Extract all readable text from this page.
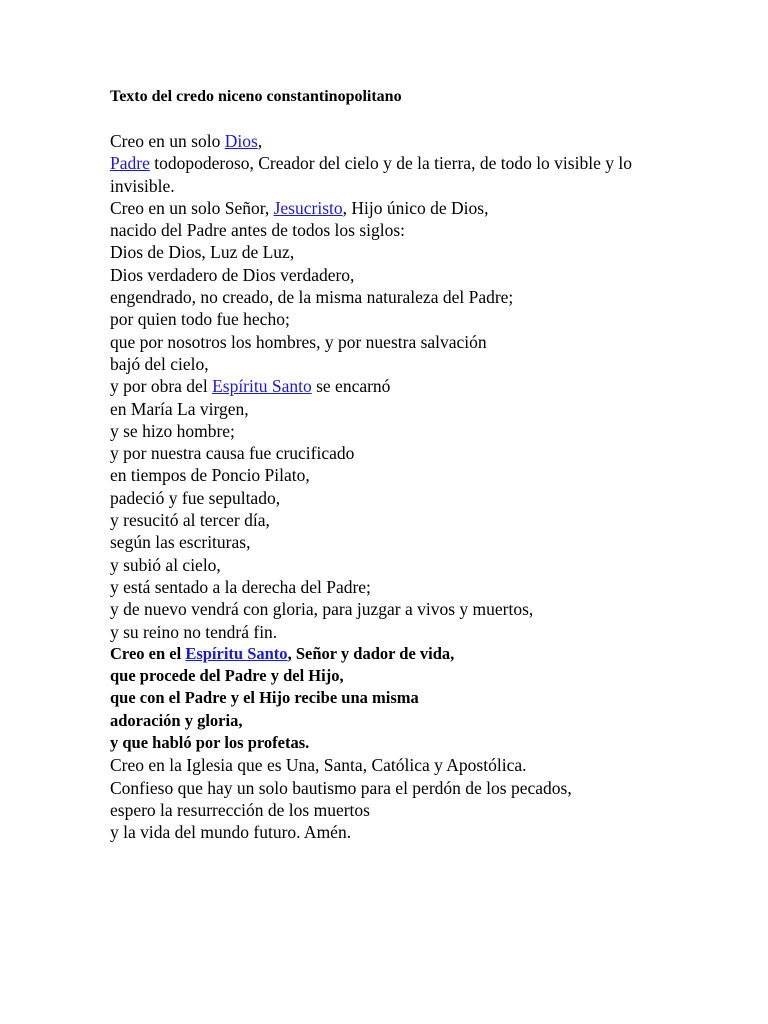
Texto del credo niceno constantinopolitano
Creo en un solo Dios,
Padre todopoderoso, Creador del cielo y de la tierra, de todo lo visible y lo invisible.
Creo en un solo Señor, Jesucristo, Hijo único de Dios,
nacido del Padre antes de todos los siglos:
Dios de Dios, Luz de Luz,
Dios verdadero de Dios verdadero,
engendrado, no creado, de la misma naturaleza del Padre;
por quien todo fue hecho;
que por nosotros los hombres, y por nuestra salvación
bajó del cielo,
y por obra del Espíritu Santo se encarnó
en María La virgen,
y se hizo hombre;
y por nuestra causa fue crucificado
en tiempos de Poncio Pilato,
padeció y fue sepultado,
y resucitó al tercer día,
según las escrituras,
y subió al cielo,
y está sentado a la derecha del Padre;
y de nuevo vendrá con gloria, para juzgar a vivos y muertos,
y su reino no tendrá fin.
Creo en el Espíritu Santo, Señor y dador de vida,
que procede del Padre y del Hijo,
que con el Padre y el Hijo recibe una misma
adoración y gloria,
y que habló por los profetas.
Creo en la Iglesia que es Una, Santa, Católica y Apostólica.
Confieso que hay un solo bautismo para el perdón de los pecados,
espero la resurrección de los muertos
y la vida del mundo futuro. Amén.
